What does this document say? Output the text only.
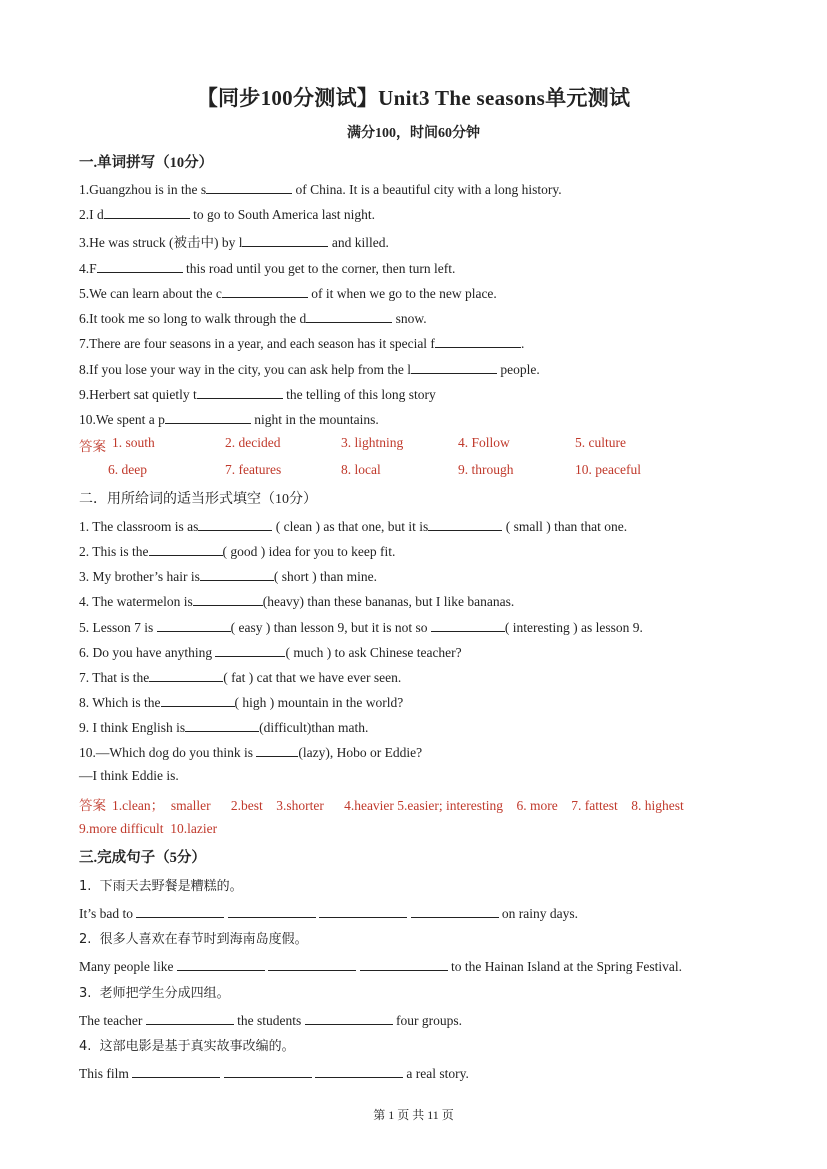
【同步100分测试】Unit3 The seasons单元测试
满分100，时间60分钟
一.单词拼写（10分）
1.Guangzhou is in the s	of China. It is a beautiful city with a long history.
2.I d	to go to South America last night.
3.He was struck (被击中) by l	and killed.
4.F	this road until you get to the corner, then turn left.
5.We can learn about the c	of it when we go to the new place.
6.It took me so long to walk through the d	snow.
7.There are four seasons in a year, and each season has it special f	.
8.If you lose your way in the city, you can ask help from the l	people.
9.Herbert sat quietly t	the telling of this long story
10.We spent a p	night in the mountains.
答案 1. south	2. decided	3. lightning	4. Follow	5. culture
6. deep	7. features	8. local	9. through	10. peaceful
二．用所给词的适当形式填空（10分）
1. The classroom is as	( clean ) as that one, but it is	( small ) than that one.
2. This is the	( good ) idea for you to keep fit.
3. My brother’s hair is	( short ) than mine.
4. The watermelon is	(heavy) than these bananas, but I like bananas.
5. Lesson 7 is	( easy ) than lesson 9, but it is not so	( interesting ) as lesson 9.
6. Do you have anything	( much ) to ask Chinese teacher?
7. That is the	( fat ) cat that we have ever seen.
8. Which is the	( high ) mountain in the world?
9. I think English is	(difficult)than math.
10.—Which dog do you think is	(lazy), Hobo or Eddie?
—I think Eddie is.
答案 1.clean；  smaller      2.best    3.shorter      4.heavier 5.easier; interesting    6. more    7. fattest    8. highest
9.more difficult  10.lazier
三.完成句子（5分）
1.  下雨天去野餐是糟糕的。
It’s bad to	on rainy days.
2.  很多人喜欢在春节时到海南岛度假。
Many people like	to the Hainan Island at the Spring Festival.
3.  老师把学生分成四组。
The teacher	the students	four groups.
4.  这部电影是基于真实故事改编的。
This film	a real story.
第 1 页 共 11 页
